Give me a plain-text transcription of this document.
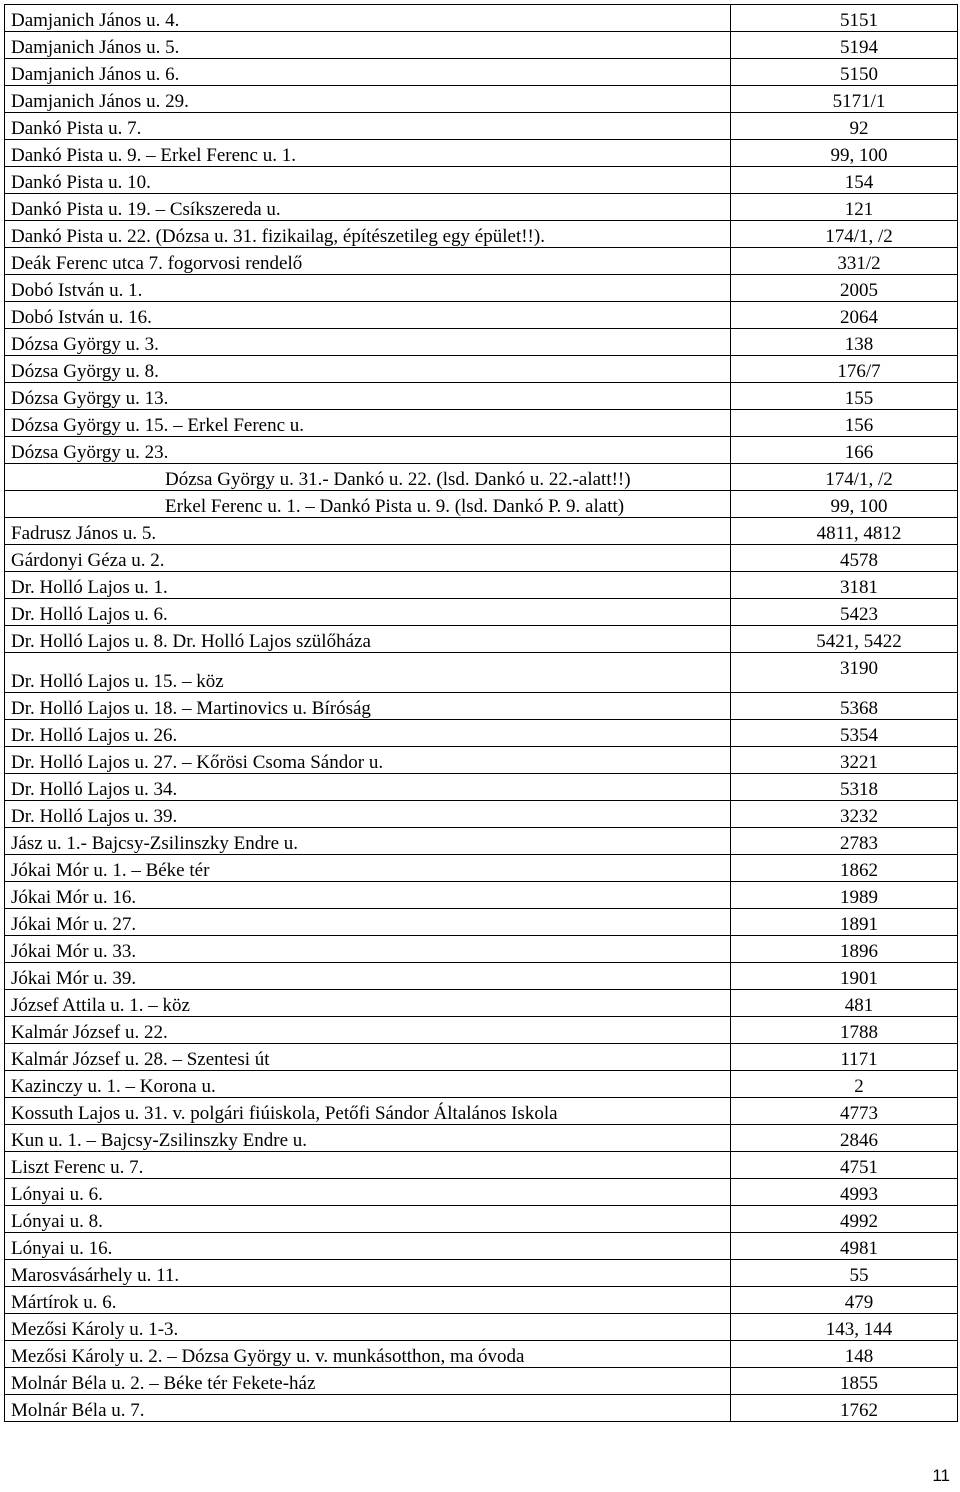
Damjanich János u. 4.	5151
Damjanich János u. 5.	5194
Damjanich János u. 6.	5150
Damjanich János u. 29.	5171/1
Dankó Pista u. 7.	92
Dankó Pista u. 9. – Erkel Ferenc u. 1.	99, 100
Dankó Pista u. 10.	154
Dankó Pista u. 19. – Csíkszereda u.	121
Dankó Pista u. 22. (Dózsa u. 31. fizikailag, építészetileg egy épület!!).	174/1, /2
Deák Ferenc utca 7. fogorvosi rendelő	331/2
Dobó István u. 1.	2005
Dobó István u. 16.	2064
Dózsa György u. 3.	138
Dózsa György u. 8.	176/7
Dózsa György u. 13.	155
Dózsa György u. 15. – Erkel Ferenc u.	156
Dózsa György u. 23.	166
Dózsa György u. 31.- Dankó u. 22. (lsd. Dankó u. 22.-alatt!!)	174/1, /2
Erkel Ferenc u. 1. – Dankó Pista u. 9. (lsd. Dankó P. 9. alatt)	99, 100
Fadrusz János u. 5.	4811, 4812
Gárdonyi Géza u. 2.	4578
Dr. Holló Lajos u. 1.	3181
Dr. Holló Lajos u. 6.	5423
Dr. Holló Lajos u. 8. Dr. Holló Lajos szülőháza	5421, 5422
Dr. Holló Lajos u. 15. – köz	3190
Dr. Holló Lajos u. 18. – Martinovics u. Bíróság	5368
Dr. Holló Lajos u. 26.	5354
Dr. Holló Lajos u. 27. – Kőrösi Csoma Sándor u.	3221
Dr. Holló Lajos u. 34.	5318
Dr. Holló Lajos u. 39.	3232
Jász u. 1.- Bajcsy-Zsilinszky Endre u.	2783
Jókai Mór u. 1. – Béke tér	1862
Jókai Mór u. 16.	1989
Jókai Mór u. 27.	1891
Jókai Mór u. 33.	1896
Jókai Mór u. 39.	1901
József Attila u. 1. – köz	481
Kalmár József u. 22.	1788
Kalmár József u. 28. – Szentesi út	1171
Kazinczy u. 1. – Korona u.	2
Kossuth Lajos u. 31. v. polgári fiúiskola, Petőfi Sándor Általános Iskola	4773
Kun u. 1. – Bajcsy-Zsilinszky Endre u.	2846
Liszt Ferenc u. 7.	4751
Lónyai u. 6.	4993
Lónyai u. 8.	4992
Lónyai u. 16.	4981
Marosvásárhely u. 11.	55
Mártírok u. 6.	479
Mezősi Károly u. 1-3.	143, 144
Mezősi Károly u. 2. – Dózsa György u. v. munkásotthon, ma óvoda	148
Molnár Béla u. 2. – Béke tér Fekete-ház	1855
Molnár Béla u. 7.	1762
11
